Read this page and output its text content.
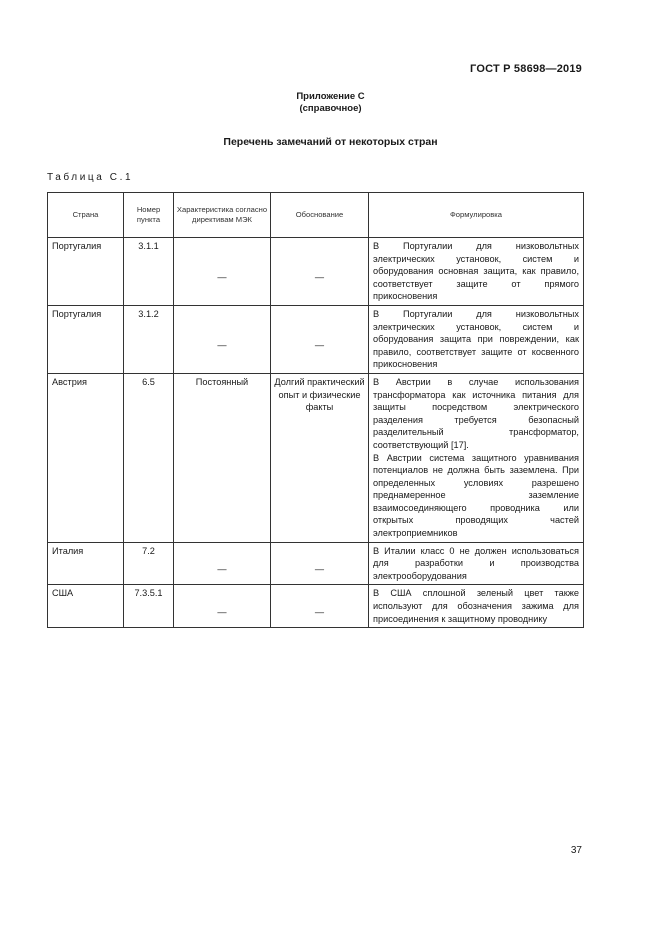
ГОСТ Р 58698—2019
Приложение С
(справочное)
Перечень замечаний от некоторых стран
Таблица С.1
Страна	Номер пункта	Характеристика согласно директивам МЭК	Обоснование	Формулировка
Португалия	3.1.1	—	—	В Португалии для низковольтных электрических установок, систем и оборудования основная защита, как правило, соответствует защите от прямого прикосновения

Португалия	3.1.2	—	—	В Португалии для низковольтных электрических установок, систем и оборудования защита при повреждении, как правило, соответствует защите от косвенного прикосновения

Австрия	6.5	Постоянный	Долгий практический опыт и физические факты	В Австрии в случае использования трансформатора как источника питания для защиты посредством электрического разделения требуется безопасный разделительный трансформатор, соответствующий [17].
В Австрии система защитного уравнивания потенциалов не должна быть заземлена. При определенных условиях разрешено преднамеренное заземление взаимосоединяющего проводника или открытых проводящих частей электроприемников

Италия	7.2	—	—	В Италии класс 0 не должен использоваться для разработки и производства электрооборудования

США	7.3.5.1	—	—	В США сплошной зеленый цвет также используют для обозначения зажима для присоединения к защитному проводнику
37
